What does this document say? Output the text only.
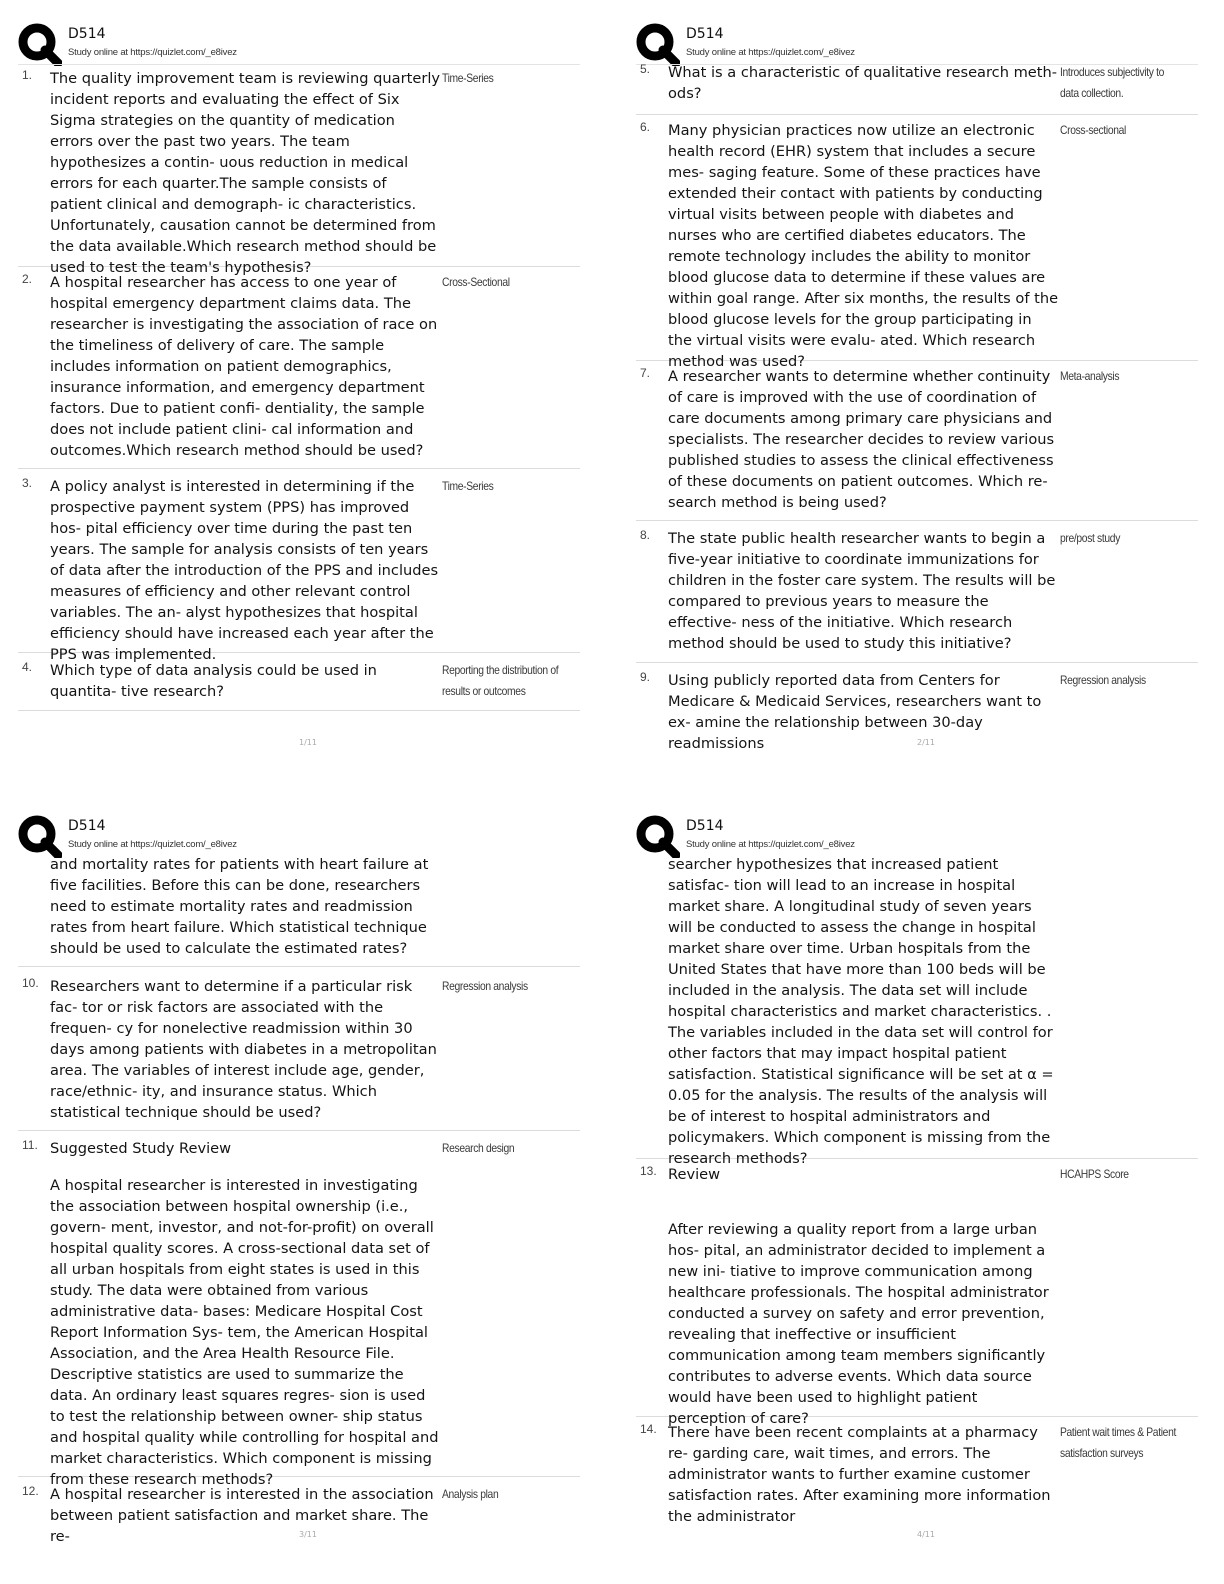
D514
Study online at https://quizlet.com/_e8ivez
1. The quality improvement team is reviewing quarterly incident reports and evaluating the effect of Six Sigma strategies on the quantity of medication errors over the past two years. The team hypothesizes a contin- uous reduction in medical errors for each quarter.The sample consists of patient clinical and demograph- ic characteristics. Unfortunately, causation cannot be determined from the data available.Which research method should be used to test the team's hypothesis?

Time-Series
2. A hospital researcher has access to one year of hospital emergency department claims data. The researcher is investigating the association of race on the timeliness of delivery of care. The sample includes information on patient demographics, insurance information, and emergency department factors. Due to patient confi- dentiality, the sample does not include patient clini- cal information and outcomes.Which research method should be used?

Cross-Sectional
3. A policy analyst is interested in determining if the prospective payment system (PPS) has improved hos- pital efficiency over time during the past ten years. The sample for analysis consists of ten years of data after the introduction of the PPS and includes measures of efficiency and other relevant control variables. The an- alyst hypothesizes that hospital efficiency should have increased each year after the PPS was implemented.

Time-Series
4. Which type of data analysis could be used in quantita- tive research?

Reporting the distribution of results or outcomes
1/11
D514
Study online at https://quizlet.com/_e8ivez
5. What is a characteristic of qualitative research meth- ods?

Introduces subjectivity to data collection.
6. Many physician practices now utilize an electronic health record (EHR) system that includes a secure mes- saging feature. Some of these practices have extended their contact with patients by conducting virtual visits between people with diabetes and nurses who are certified diabetes educators. The remote technology includes the ability to monitor blood glucose data to determine if these values are within goal range. After six months, the results of the blood glucose levels for the group participating in the virtual visits were evalu- ated. Which research method was used?

Cross-sectional
7. A researcher wants to determine whether continuity of care is improved with the use of coordination of care documents among primary care physicians and specialists. The researcher decides to review various published studies to assess the clinical effectiveness of these documents on patient outcomes. Which re- search method is being used?

Meta-analysis
8. The state public health researcher wants to begin a five-year initiative to coordinate immunizations for children in the foster care system. The results will be compared to previous years to measure the effective- ness of the initiative. Which research method should be used to study this initiative?

pre/post study
9. Using publicly reported data from Centers for Medicare & Medicaid Services, researchers want to ex- amine the relationship between 30-day readmissions

Regression analysis
2/11
D514
Study online at https://quizlet.com/_e8ivez

and mortality rates for patients with heart failure at five facilities. Before this can be done, researchers need to estimate mortality rates and readmission rates from heart failure. Which statistical technique should be used to calculate the estimated rates?

10. Researchers want to determine if a particular risk fac- tor or risk factors are associated with the frequen- cy for nonelective readmission within 30 days among patients with diabetes in a metropolitan area. The variables of interest include age, gender, race/ethnic- ity, and insurance status. Which statistical technique should be used?

Regression analysis
11. Suggested Study Review

A hospital researcher is interested in investigating the association between hospital ownership (i.e., govern- ment, investor, and not-for-profit) on overall hospital quality scores. A cross-sectional data set of all urban hospitals from eight states is used in this study. The data were obtained from various administrative data- bases: Medicare Hospital Cost Report Information Sys- tem, the American Hospital Association, and the Area Health Resource File. Descriptive statistics are used to summarize the data. An ordinary least squares regres- sion is used to test the relationship between owner- ship status and hospital quality while controlling for hospital and market characteristics. Which component is missing from these research methods?

Research design
12. A hospital researcher is interested in the association between patient satisfaction and market share. The re-

Analysis plan
3/11
D514
Study online at https://quizlet.com/_e8ivez

searcher hypothesizes that increased patient satisfac- tion will lead to an increase in hospital market share. A longitudinal study of seven years will be conducted to assess the change in hospital market share over time. Urban hospitals from the United States that have more than 100 beds will be included in the analysis. The data set will include hospital characteristics and market characteristics. . The variables included in the data set will control for other factors that may impact hospital patient satisfaction. Statistical significance will be set at α = 0.05 for the analysis. The results of the analysis will be of interest to hospital administrators and policymakers. Which component is missing from the research methods?

13. Review

After reviewing a quality report from a large urban hos- pital, an administrator decided to implement a new ini- tiative to improve communication among healthcare professionals. The hospital administrator conducted a survey on safety and error prevention, revealing that ineffective or insufficient communication among team members significantly contributes to adverse events. Which data source would have been used to highlight patient perception of care?

HCAHPS Score
14. There have been recent complaints at a pharmacy re- garding care, wait times, and errors. The administrator wants to further examine customer satisfaction rates. After examining more information the administrator

Patient wait times & Patient satisfaction surveys
4/11
